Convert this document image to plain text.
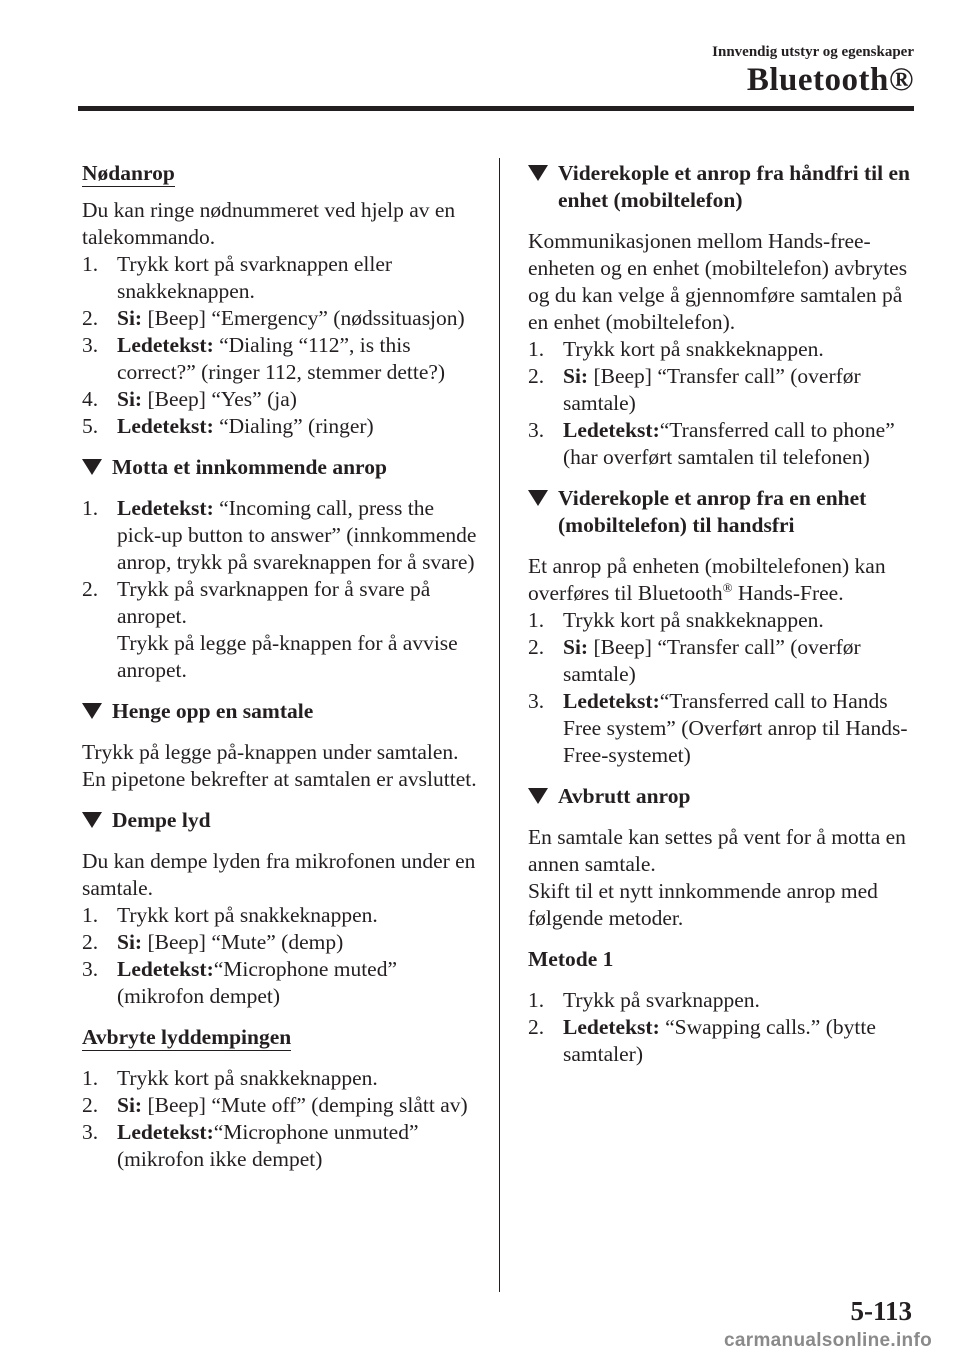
Innvendig utstyr og egenskaper
Bluetooth®
Nødanrop

Du kan ringe nødnummeret ved hjelp av en talekommando.

1. Trykk kort på svarknappen eller snakkeknappen.
2. Si: [Beep] “Emergency” (nødssituasjon)
3. Ledetekst: “Dialing “112”, is this correct?” (ringer 112, stemmer dette?)
4. Si: [Beep] “Yes” (ja)
5. Ledetekst: “Dialing” (ringer)
Motta et innkommende anrop
1. Ledetekst: “Incoming call, press the pick-up button to answer” (innkommende anrop, trykk på svareknappen for å svare)
2. Trykk på svarknappen for å svare på anropet.
Trykk på legge på-knappen for å avvise anropet.
Henge opp en samtale

Trykk på legge på-knappen under samtalen. En pipetone bekrefter at samtalen er avsluttet.

Dempe lyd

Du kan dempe lyden fra mikrofonen under en samtale.

1. Trykk kort på snakkeknappen.
2. Si: [Beep] “Mute” (demp)
3. Ledetekst:“Microphone muted” (mikrofon dempet)
Avbryte lyddempingen
1. Trykk kort på snakkeknappen.
2. Si: [Beep] “Mute off” (demping slått av)
3. Ledetekst:“Microphone unmuted” (mikrofon ikke dempet)
Viderekople et anrop fra håndfri til en enhet (mobiltelefon)

Kommunikasjonen mellom Hands-free-enheten og en enhet (mobiltelefon) avbrytes og du kan velge å gjennomføre samtalen på en enhet (mobiltelefon).

1. Trykk kort på snakkeknappen.
2. Si: [Beep] “Transfer call” (overfør samtale)
3. Ledetekst:“Transferred call to phone” (har overført samtalen til telefonen)
Viderekople et anrop fra en enhet (mobiltelefon) til handsfri

Et anrop på enheten (mobiltelefonen) kan overføres til Bluetooth® Hands-Free.

1. Trykk kort på snakkeknappen.
2. Si: [Beep] “Transfer call” (overfør samtale)
3. Ledetekst:“Transferred call to Hands Free system” (Overført anrop til Hands-Free-systemet)
Avbrutt anrop

En samtale kan settes på vent for å motta en annen samtale.

Skift til et nytt innkommende anrop med følgende metoder.

Metode 1

1. Trykk på svarknappen.
2. Ledetekst: “Swapping calls.” (bytte samtaler)
5-113
carmanualsonline.info
